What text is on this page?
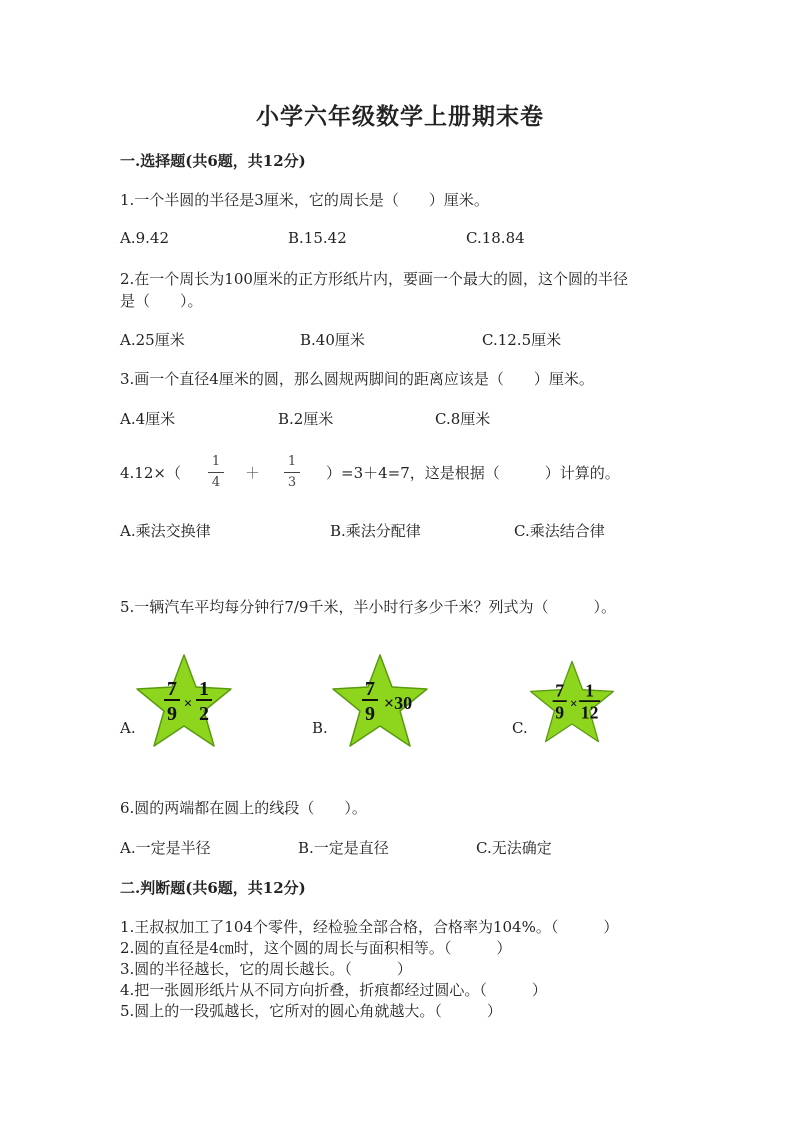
小学六年级数学上册期末卷
一.选择题(共6题，共12分)
1.一个半圆的半径是3厘米，它的周长是（　　）厘米。
A.9.42	B.15.42	C.18.84
2.在一个周长为100厘米的正方形纸片内，要画一个最大的圆，这个圆的半径
是（　　）。
A.25厘米	B.40厘米	C.12.5厘米
3.画一个直径4厘米的圆，那么圆规两脚间的距离应该是（　　）厘米。
A.4厘米	B.2厘米	C.8厘米
4.12×（
1
4
＋
1
3
）=3＋4=7，这是根据（　　　）计算的。
A.乘法交换律	B.乘法分配律	C.乘法结合律
5.一辆汽车平均每分钟行7/9千米，半小时行多少千米？列式为（　　　）。
A.
7
9 ×
1
2
B.
7
9 ×30
C.
7
9 ×
1
12
6.圆的两端都在圆上的线段（　　）。
A.一定是半径	B.一定是直径	C.无法确定
二.判断题(共6题，共12分)
1.王叔叔加工了104个零件，经检验全部合格，合格率为104%。（　　　）
2.圆的直径是4㎝时，这个圆的周长与面积相等。（　　　）
3.圆的半径越长，它的周长越长。（　　　）
4.把一张圆形纸片从不同方向折叠，折痕都经过圆心。（　　　）
5.圆上的一段弧越长，它所对的圆心角就越大。（　　　）
